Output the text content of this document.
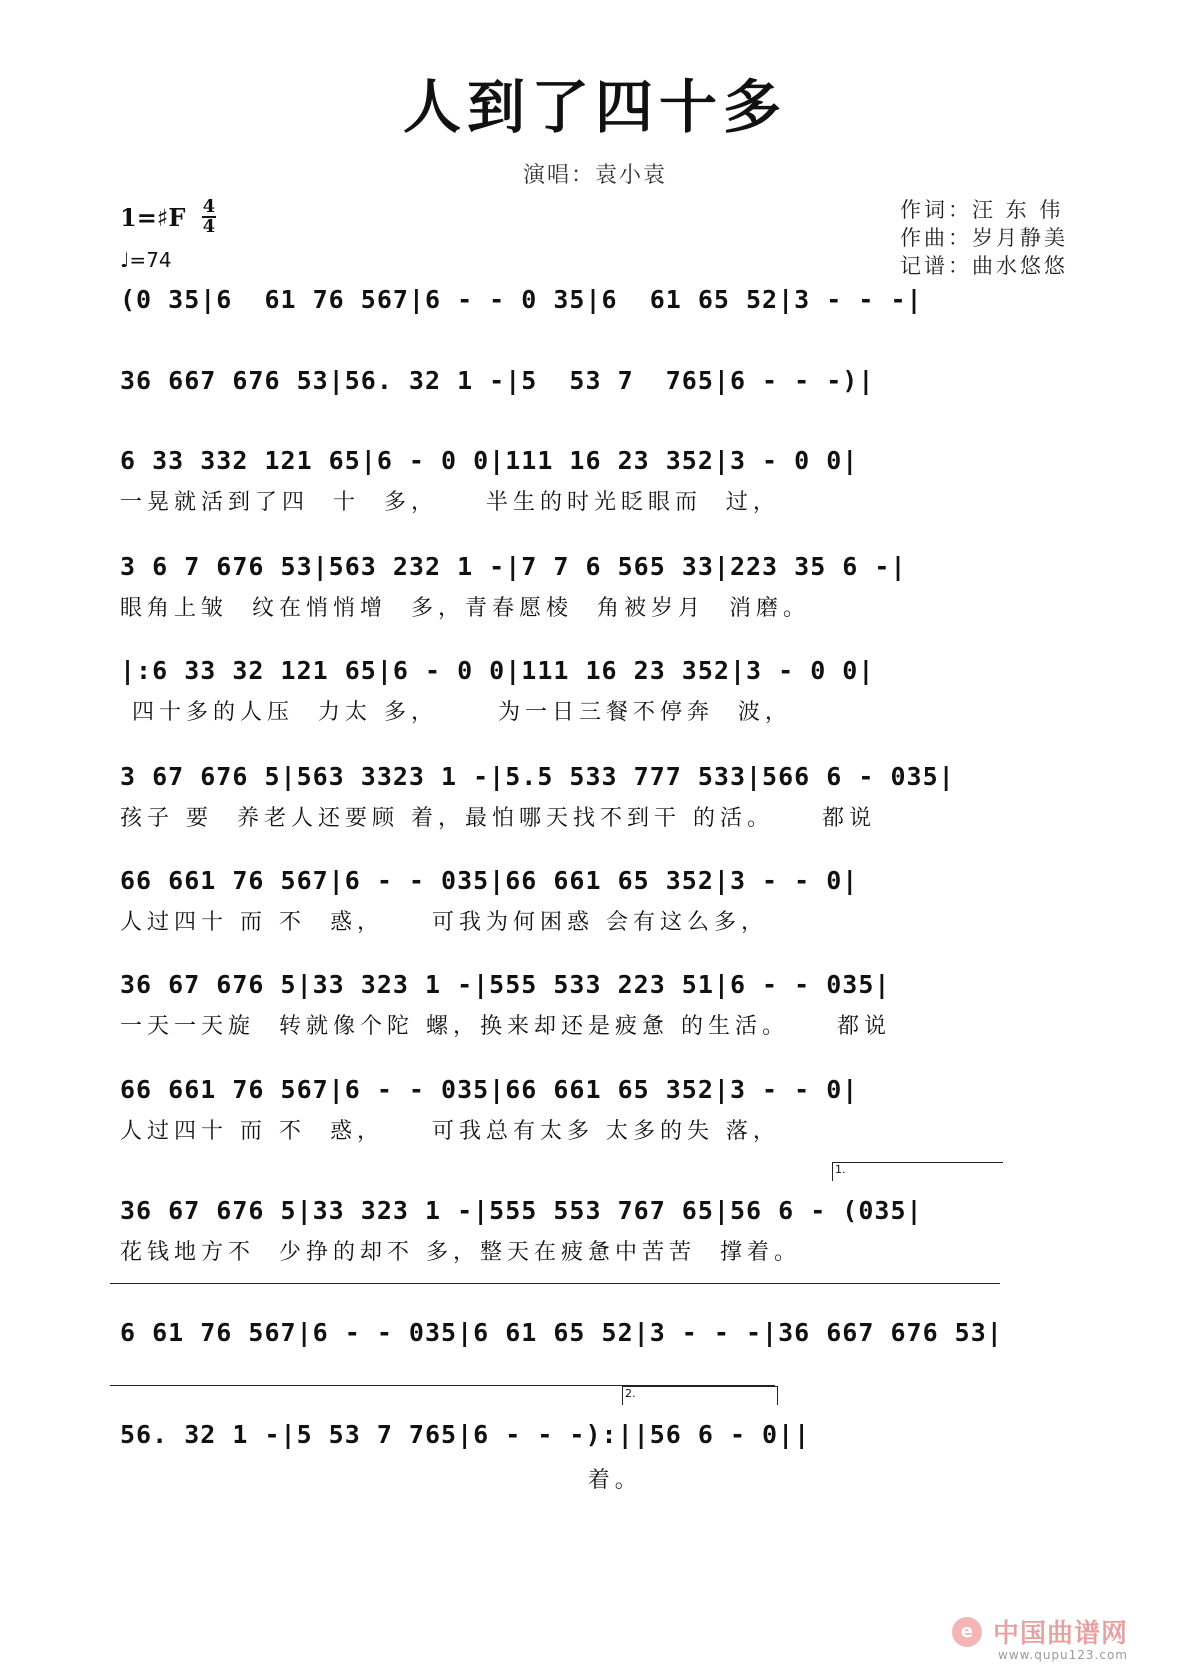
人到了四十多
演唱：袁小袁
1=♯F $\frac{4}{4}$
♩=74
作词：汪 东 伟
作曲：岁月静美
记谱：曲水悠悠
(0 35|6  61 76 567|6 - - 0 35|6  61 65 52|3 - - -|
36 667 676 53|56. 32 1 -|5  53 7  765|6 - - -)|
6 33 332 121 65|6 - 0 0|111 16 23 352|3 - 0 0|
一晃就活到了四  十  多，    半生的时光眨眼而  过，
3 6 7 676 53|563 232 1 -|7 7 6 565 33|223 35 6 -|
眼角上皱  纹在悄悄增  多，青春愿棱  角被岁月  消磨。
|:6 33 32 121 65|6 - 0 0|111 16 23 352|3 - 0 0|
四十多的人压  力太 多，     为一日三餐不停奔  波，
3 67 676 5|563 3323 1 -|5.5 533 777 533|566 6 - 035|
孩子 要  养老人还要顾 着，最怕哪天找不到干 的活。    都说
66 661 76 567|6 - - 035|66 661 65 352|3 - - 0|
人过四十 而 不  惑，    可我为何困惑 会有这么多，
36 67 676 5|33 323 1 -|555 533 223 51|6 - - 035|
一天一天旋  转就像个陀 螺，换来却还是疲惫 的生活。    都说
66 661 76 567|6 - - 035|66 661 65 352|3 - - 0|
人过四十 而 不  惑，    可我总有太多 太多的失 落，
1.
36 67 676 5|33 323 1 -|555 553 767 65|56 6 - (035|
花钱地方不  少挣的却不 多，整天在疲惫中苦苦  撑着。
6 61 76 567|6 - - 035|6 61 65 52|3 - - -|36 667 676 53|
2.
56. 32 1 -|5 53 7 765|6 - - -):||56 6 - 0||
着。
e 中国曲谱网
www.qupu123.com
